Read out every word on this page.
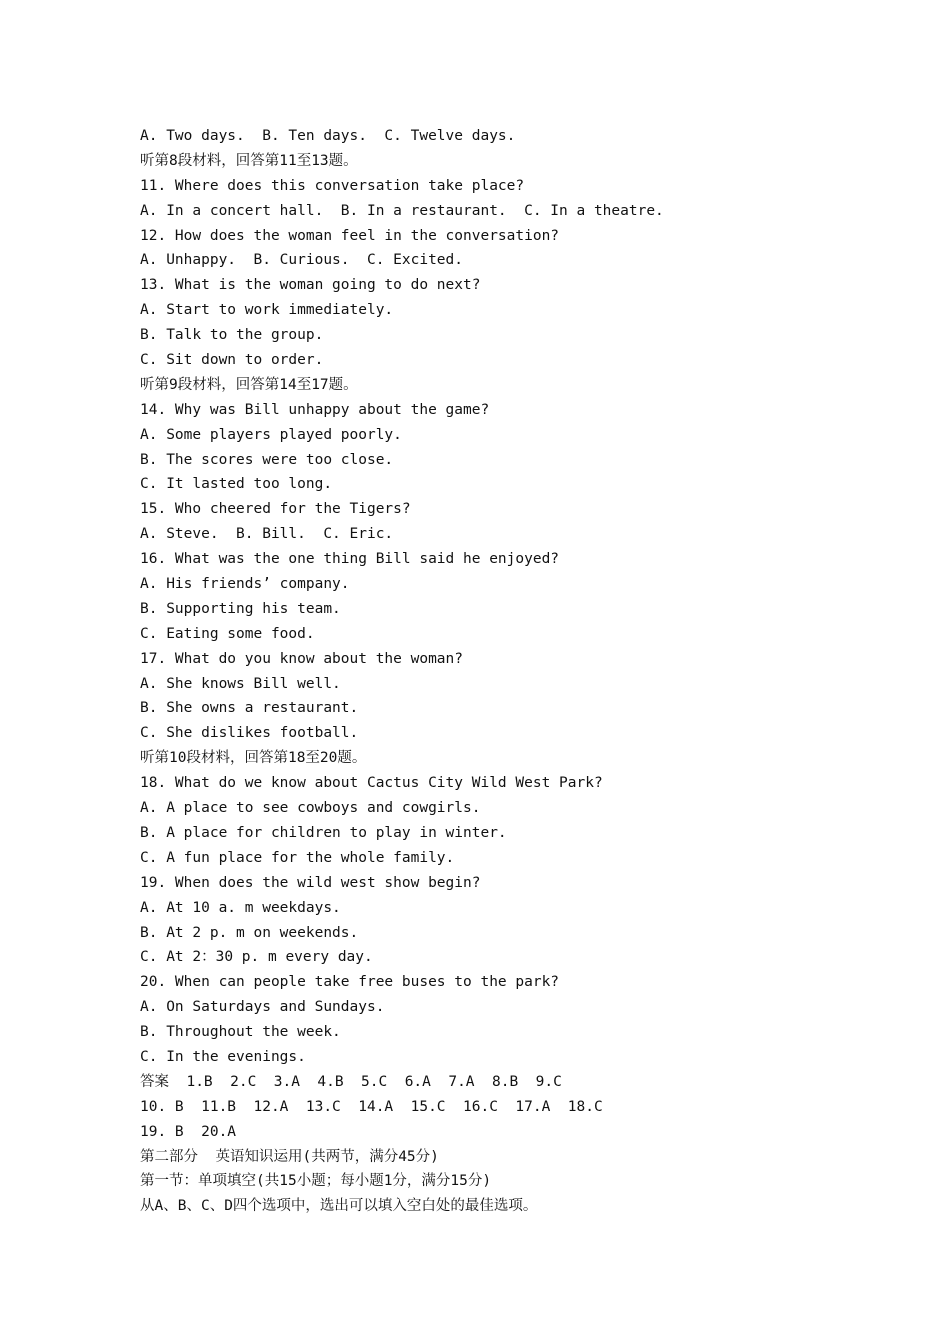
A. Two days.  B. Ten days.  C. Twelve days.
听第8段材料，回答第11至13题。
11. Where does this conversation take place?
A. In a concert hall.  B. In a restaurant.  C. In a theatre.
12. How does the woman feel in the conversation?
A. Unhappy.  B. Curious.  C. Excited.
13. What is the woman going to do next?
A. Start to work immediately.
B. Talk to the group.
C. Sit down to order.
听第9段材料，回答第14至17题。
14. Why was Bill unhappy about the game?
A. Some players played poorly.
B. The scores were too close.
C. It lasted too long.
15. Who cheered for the Tigers?
A. Steve.  B. Bill.  C. Eric.
16. What was the one thing Bill said he enjoyed?
A. His friends’ company.
B. Supporting his team.
C. Eating some food.
17. What do you know about the woman?
A. She knows Bill well.
B. She owns a restaurant.
C. She dislikes football.
听第10段材料，回答第18至20题。
18. What do we know about Cactus City Wild West Park?
A. A place to see cowboys and cowgirls.
B. A place for children to play in winter.
C. A fun place for the whole family.
19. When does the wild west show begin?
A. At 10 a. m weekdays.
B. At 2 p. m on weekends.
C. At 2：30 p. m every day.
20. When can people take free buses to the park?
A. On Saturdays and Sundays.
B. Throughout the week.
C. In the evenings.
答案  1.B  2.C  3.A  4.B  5.C  6.A  7.A  8.B  9.C
10. B  11.B  12.A  13.C  14.A  15.C  16.C  17.A  18.C
19. B  20.A
第二部分  英语知识运用(共两节，满分45分)
第一节：单项填空(共15小题；每小题1分，满分15分)
从A、B、C、D四个选项中，选出可以填入空白处的最佳选项。
